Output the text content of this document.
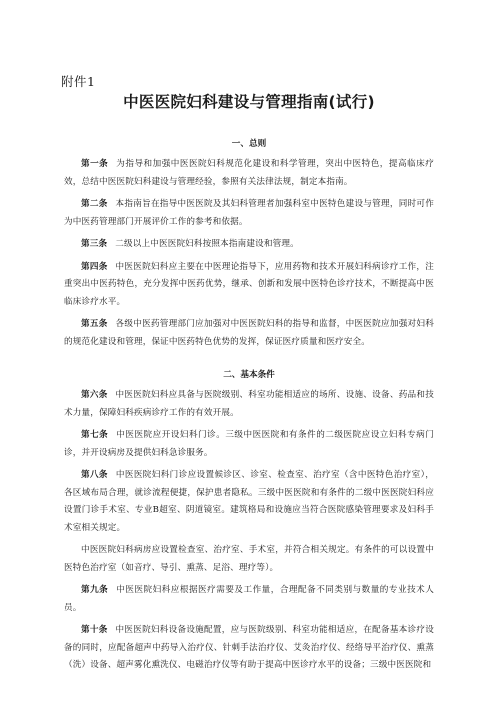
附件1
中医医院妇科建设与管理指南(试行)
一、总则

第一条 为指导和加强中医医院妇科规范化建设和科学管理，突出中医特色，提高临床疗效，总结中医医院妇科建设与管理经验，参照有关法律法规，制定本指南。

第二条 本指南旨在指导中医医院及其妇科管理者加强科室中医特色建设与管理，同时可作为中医药管理部门开展评价工作的参考和依据。

第三条 二级以上中医医院妇科按照本指南建设和管理。

第四条 中医医院妇科应主要在中医理论指导下，应用药物和技术开展妇科病诊疗工作，注重突出中医药特色，充分发挥中医药优势，继承、创新和发展中医特色诊疗技术，不断提高中医临床诊疗水平。

第五条 各级中医药管理部门应加强对中医医院妇科的指导和监督，中医医院应加强对妇科的规范化建设和管理，保证中医药特色优势的发挥，保证医疗质量和医疗安全。

二、基本条件

第六条 中医医院妇科应具备与医院级别、科室功能相适应的场所、设施、设备、药品和技术力量，保障妇科疾病诊疗工作的有效开展。

第七条 中医医院应开设妇科门诊。三级中医医院和有条件的二级医院应设立妇科专病门诊，并开设病房及提供妇科急诊服务。

第八条 中医医院妇科门诊应设置候诊区、诊室、检查室、治疗室（含中医特色治疗室），各区域布局合理，就诊流程便捷，保护患者隐私。三级中医医院和有条件的二级中医医院妇科应设置门诊手术室、专业B超室、阴道镜室。建筑格局和设施应当符合医院感染管理要求及妇科手术室相关规定。

中医医院妇科病房应设置检查室、治疗室、手术室，并符合相关规定。有条件的可以设置中医特色治疗室（如音疗、导引、熏蒸、足浴、理疗等）。

第九条 中医医院妇科应根据医疗需要及工作量，合理配备不同类别与数量的专业技术人员。

第十条 中医医院妇科设备设施配置，应与医院级别、科室功能相适应，在配备基本诊疗设备的同时，应配备超声中药导入治疗仪、针刺手法治疗仪、艾灸治疗仪、经络导平治疗仪、熏蒸（洗）设备、超声雾化熏洗仪、电磁治疗仪等有助于提高中医诊疗水平的设备；三级中医医院和
